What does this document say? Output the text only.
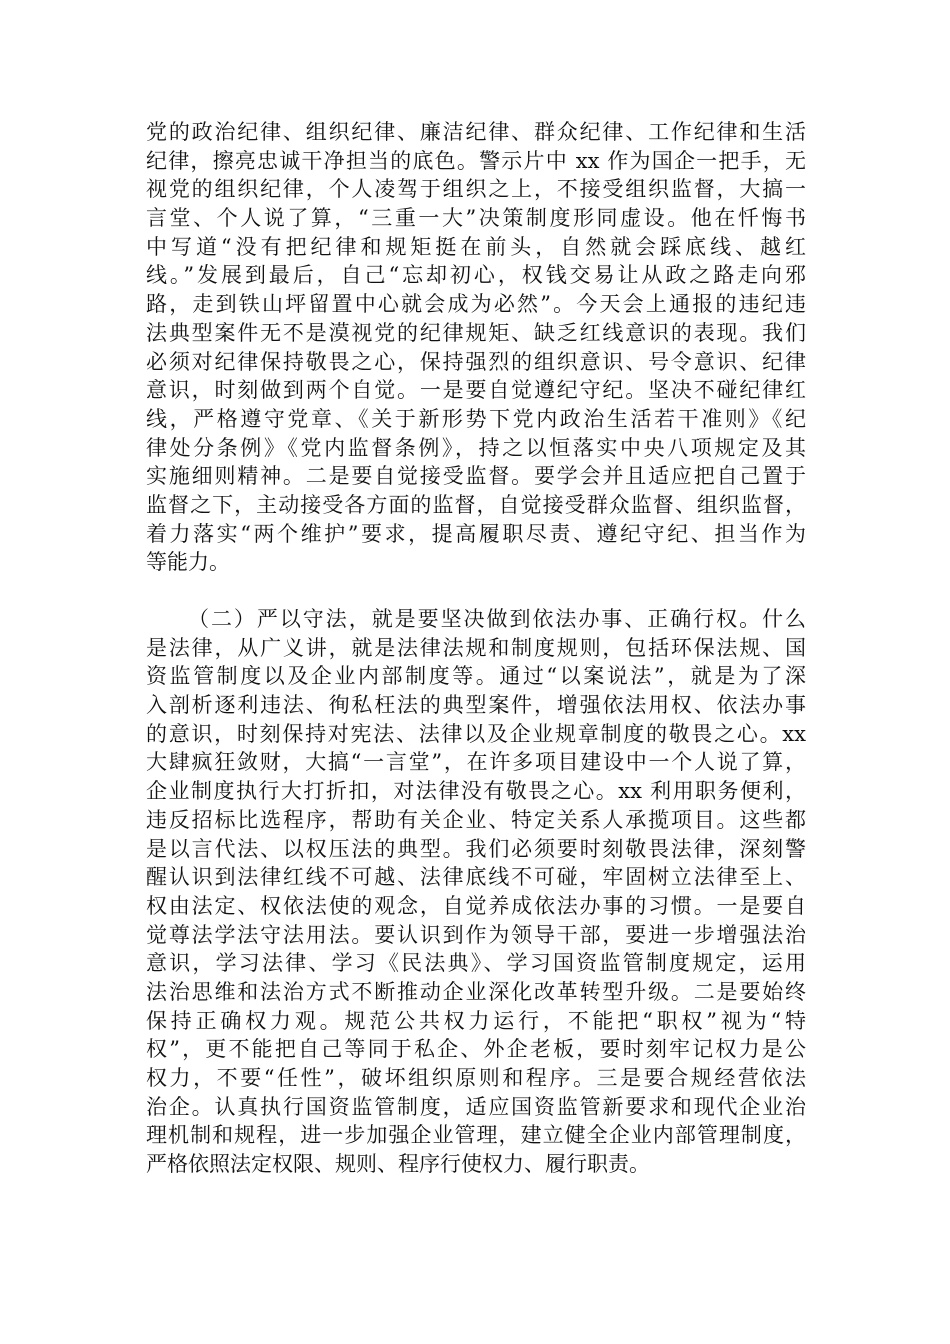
党的政治纪律、组织纪律、廉洁纪律、群众纪律、工作纪律和生活
纪律，擦亮忠诚干净担当的底色。警示片中 xx 作为国企一把手，无
视党的组织纪律，个人凌驾于组织之上，不接受组织监督，大搞一
言堂、个人说了算，“三重一大”决策制度形同虚设。他在忏悔书
中写道“没有把纪律和规矩挺在前头，自然就会踩底线、越红
线。”发展到最后，自己“忘却初心，权钱交易让从政之路走向邪
路，走到铁山坪留置中心就会成为必然”。今天会上通报的违纪违
法典型案件无不是漠视党的纪律规矩、缺乏红线意识的表现。我们
必须对纪律保持敬畏之心，保持强烈的组织意识、号令意识、纪律
意识，时刻做到两个自觉。一是要自觉遵纪守纪。坚决不碰纪律红
线，严格遵守党章、《关于新形势下党内政治生活若干准则》《纪
律处分条例》《党内监督条例》，持之以恒落实中央八项规定及其
实施细则精神。二是要自觉接受监督。要学会并且适应把自己置于
监督之下，主动接受各方面的监督，自觉接受群众监督、组织监督，
着力落实“两个维护”要求，提高履职尽责、遵纪守纪、担当作为
等能力。
（二）严以守法，就是要坚决做到依法办事、正确行权。什么
是法律，从广义讲，就是法律法规和制度规则，包括环保法规、国
资监管制度以及企业内部制度等。通过“以案说法”，就是为了深
入剖析逐利违法、徇私枉法的典型案件，增强依法用权、依法办事
的意识，时刻保持对宪法、法律以及企业规章制度的敬畏之心。xx
大肆疯狂敛财，大搞“一言堂”，在许多项目建设中一个人说了算，
企业制度执行大打折扣，对法律没有敬畏之心。xx 利用职务便利，
违反招标比选程序，帮助有关企业、特定关系人承揽项目。这些都
是以言代法、以权压法的典型。我们必须要时刻敬畏法律，深刻警
醒认识到法律红线不可越、法律底线不可碰，牢固树立法律至上、
权由法定、权依法使的观念，自觉养成依法办事的习惯。一是要自
觉尊法学法守法用法。要认识到作为领导干部，要进一步增强法治
意识，学习法律、学习《民法典》、学习国资监管制度规定，运用
法治思维和法治方式不断推动企业深化改革转型升级。二是要始终
保持正确权力观。规范公共权力运行，不能把“职权”视为“特
权”，更不能把自己等同于私企、外企老板，要时刻牢记权力是公
权力，不要“任性”，破坏组织原则和程序。三是要合规经营依法
治企。认真执行国资监管制度，适应国资监管新要求和现代企业治
理机制和规程，进一步加强企业管理，建立健全企业内部管理制度，
严格依照法定权限、规则、程序行使权力、履行职责。
